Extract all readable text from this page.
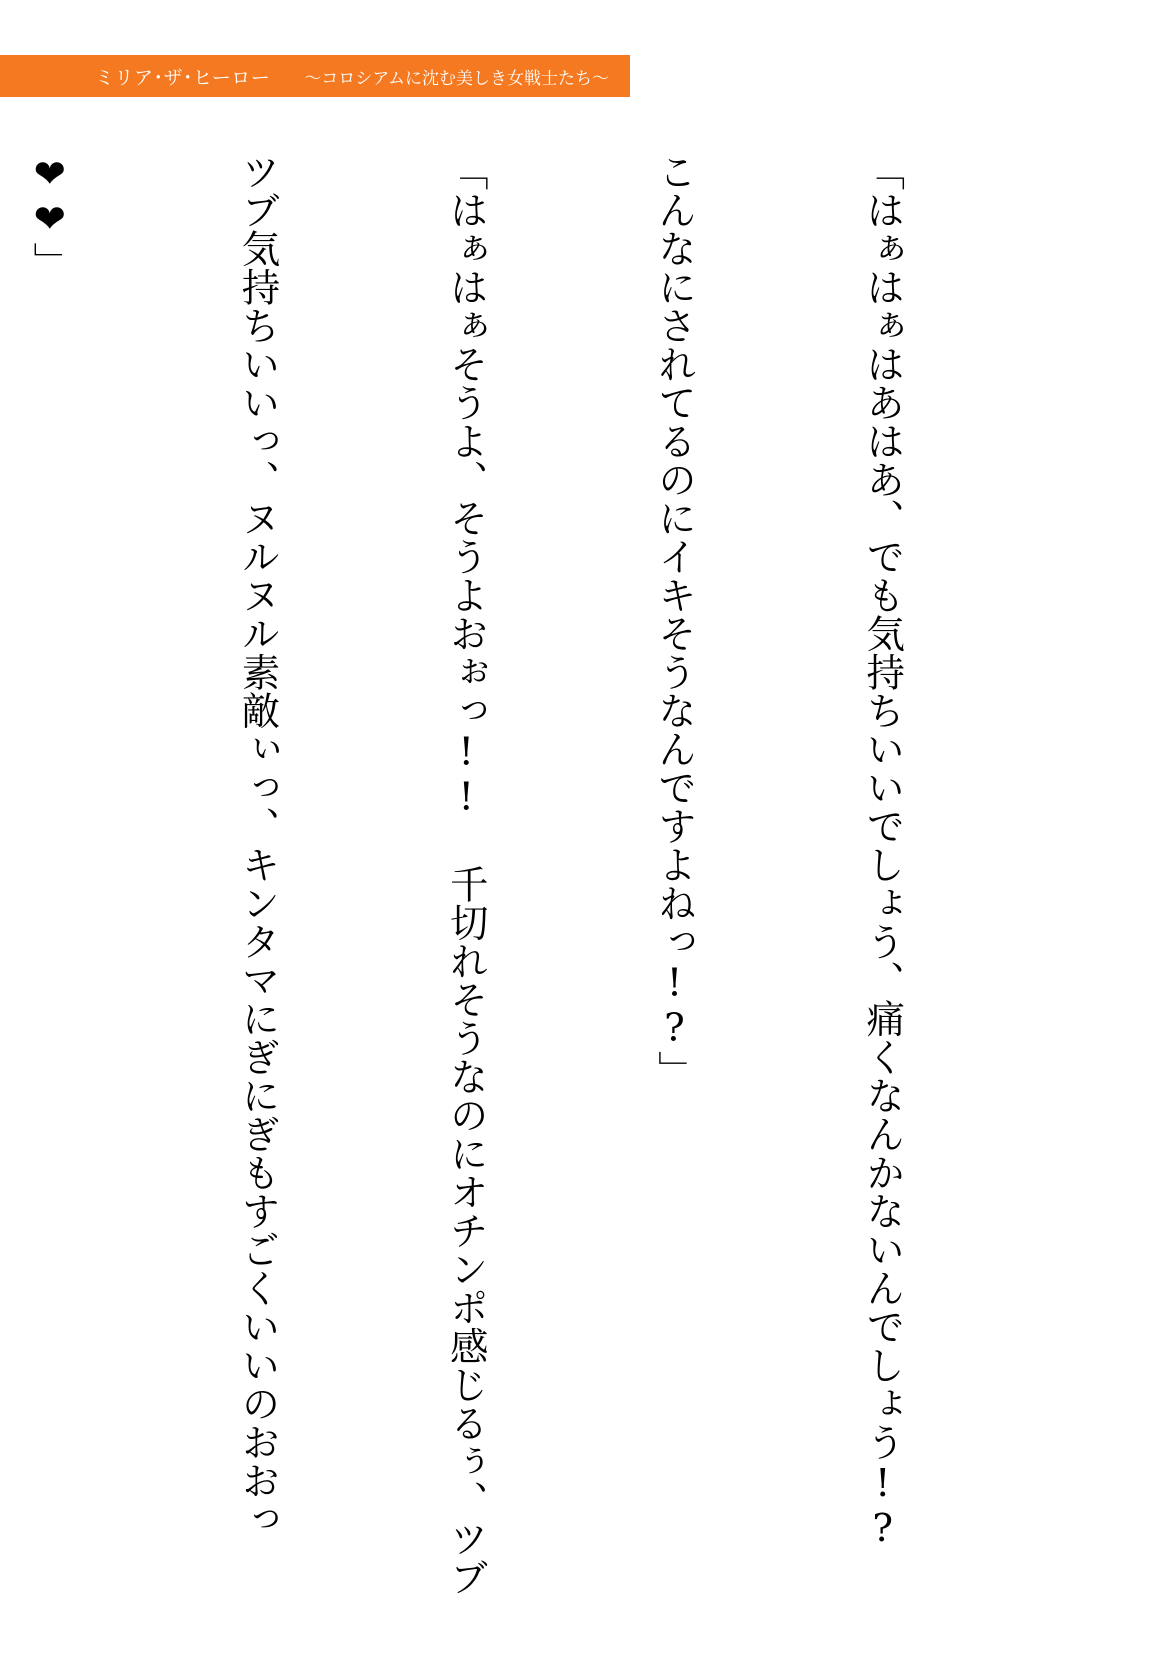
ミリア･ザ･ヒーロー ～コロシアムに沈む美しき女戦士たち～

「はぁはぁはあはあ、でも気持ちいいでしょう、痛くなんかないんでしょう!?

こんなにされてるのにイキそうなんですよねっ!?」

「はぁはぁそうよ、そうよおぉっ!! 千切れそうなのにオチンポ感じるぅ、ツブ

ツブ気持ちいいっ、ヌルヌル素敵ぃっ、キンタマにぎにぎもすごくいいのおおっ

❤❤」
